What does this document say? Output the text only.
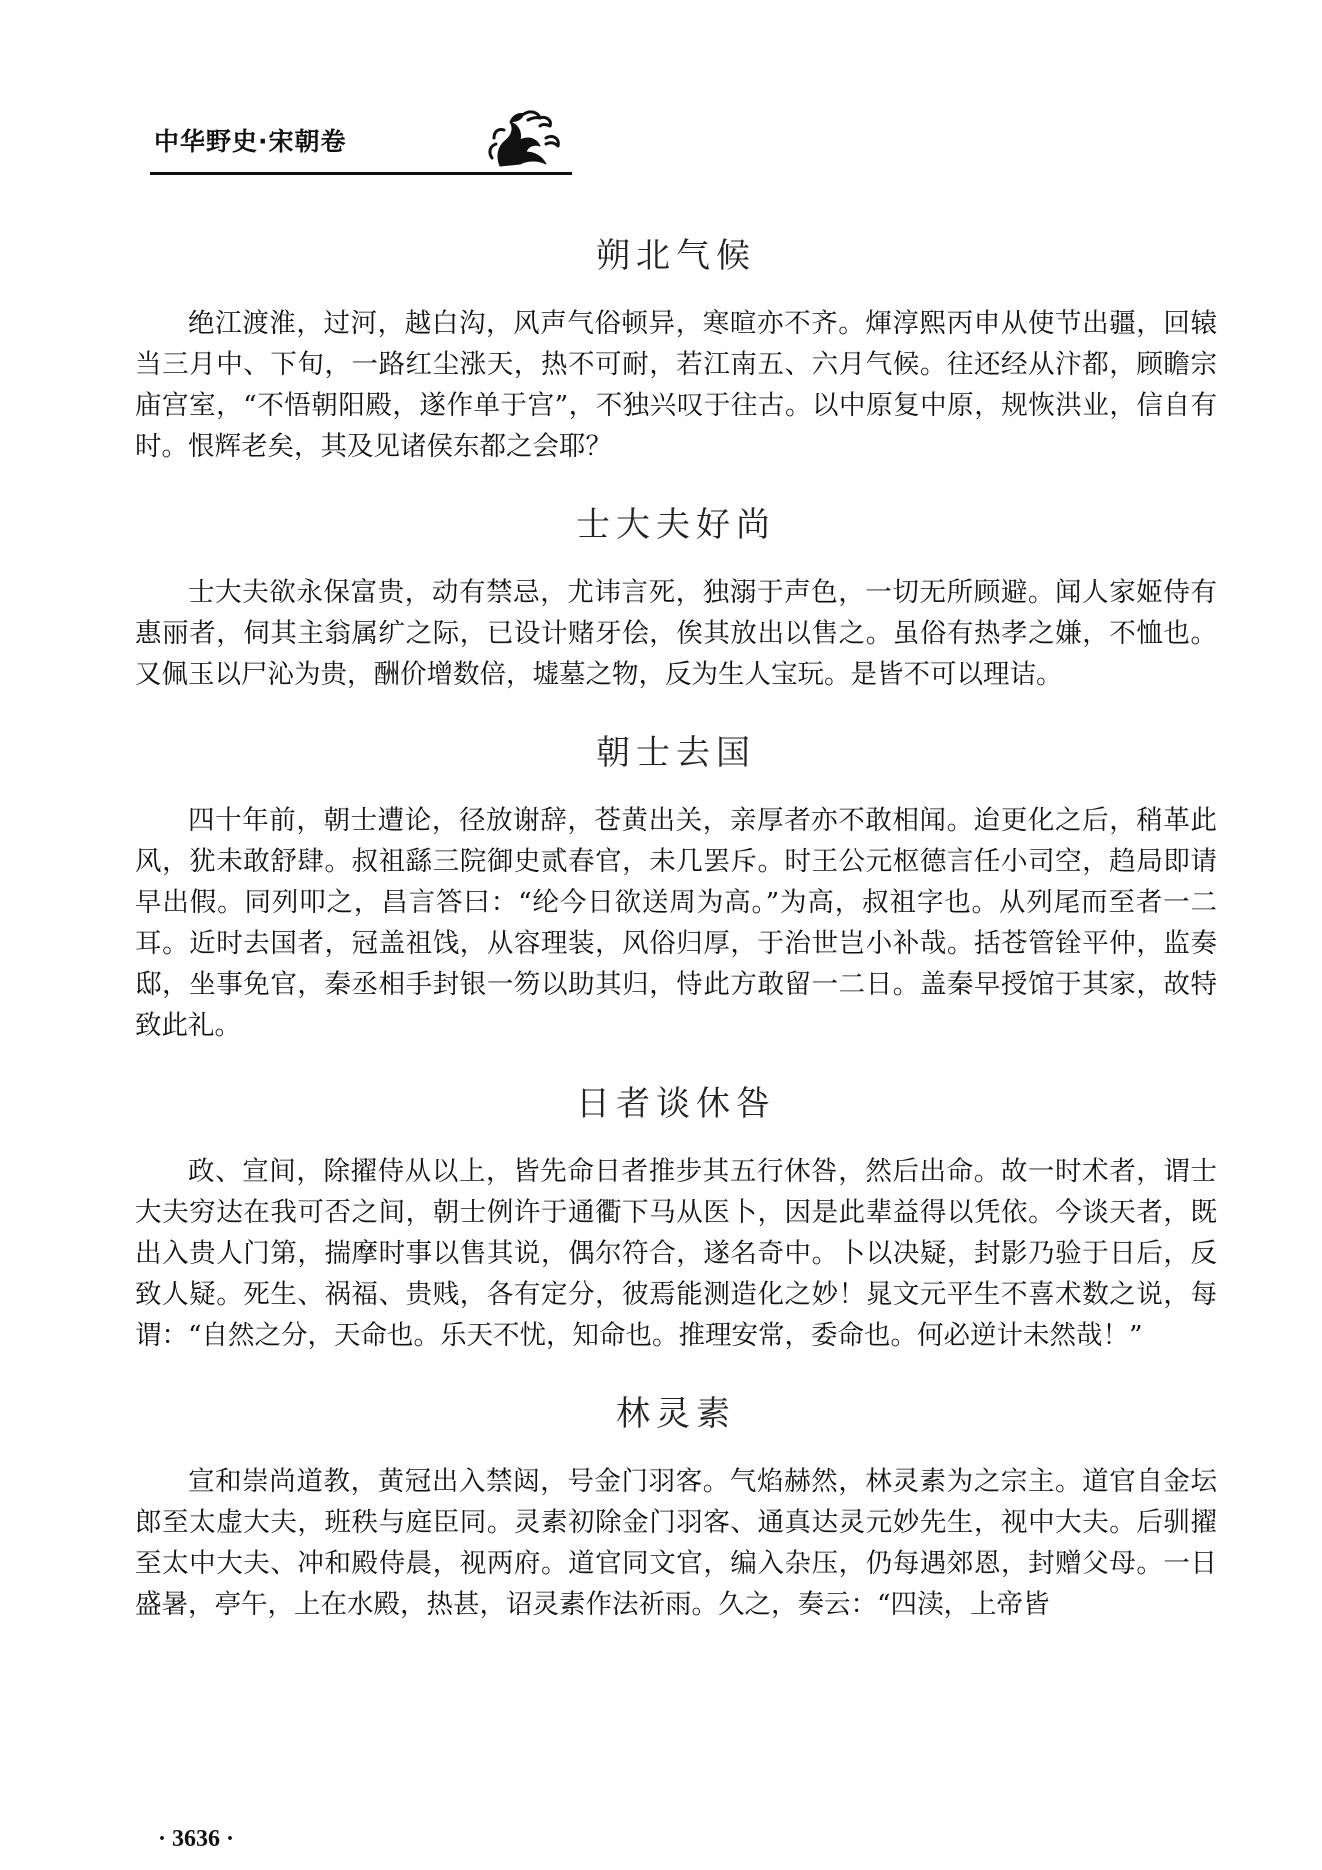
中华野史·宋朝卷
朔北气候

绝江渡淮，过河，越白沟，风声气俗顿异，寒暄亦不齐。煇淳熙丙申从使节出疆，回辕当三月中、下旬，一路红尘涨天，热不可耐，若江南五、六月气候。往还经从汴都，顾瞻宗庙宫室，“不悟朝阳殿，遂作单于宫”，不独兴叹于往古。以中原复中原，规恢洪业，信自有时。恨辉老矣，其及见诸侯东都之会耶？

士大夫好尚

士大夫欲永保富贵，动有禁忌，尤讳言死，独溺于声色，一切无所顾避。闻人家姬侍有惠丽者，伺其主翁属纩之际，已设计赌牙侩，俟其放出以售之。虽俗有热孝之嫌，不恤也。又佩玉以尸沁为贵，酬价增数倍，墟墓之物，反为生人宝玩。是皆不可以理诘。

朝士去国

四十年前，朝士遭论，径放谢辞，苍黄出关，亲厚者亦不敢相闻。迨更化之后，稍革此风，犹未敢舒肆。叔祖繇三院御史贰春官，未几罢斥。时王公元枢德言任小司空，趋局即请早出假。同列叩之，昌言答曰：“纶今日欲送周为高。”为高，叔祖字也。从列尾而至者一二耳。近时去国者，冠盖祖饯，从容理装，风俗归厚，于治世岂小补哉。括苍管铨平仲，监奏邸，坐事免官，秦丞相手封银一笏以助其归，恃此方敢留一二日。盖秦早授馆于其家，故特致此礼。

日者谈休咎

政、宣间，除擢侍从以上，皆先命日者推步其五行休咎，然后出命。故一时术者，谓士大夫穷达在我可否之间，朝士例许于通衢下马从医卜，因是此辈益得以凭依。今谈天者，既出入贵人门第，揣摩时事以售其说，偶尔符合，遂名奇中。卜以决疑，封影乃验于日后，反致人疑。死生、祸福、贵贱，各有定分，彼焉能测造化之妙！晁文元平生不喜术数之说，每谓：“自然之分，天命也。乐天不忧，知命也。推理安常，委命也。何必逆计未然哉！”

林灵素

宣和崇尚道教，黄冠出入禁闼，号金门羽客。气焰赫然，林灵素为之宗主。道官自金坛郎至太虚大夫，班秩与庭臣同。灵素初除金门羽客、通真达灵元妙先生，视中大夫。后驯擢至太中大夫、冲和殿侍晨，视两府。道官同文官，编入杂压，仍每遇郊恩，封赠父母。一日盛暑，亭午，上在水殿，热甚，诏灵素作法祈雨。久之，奏云：“四渎，上帝皆

· 3636 ·
